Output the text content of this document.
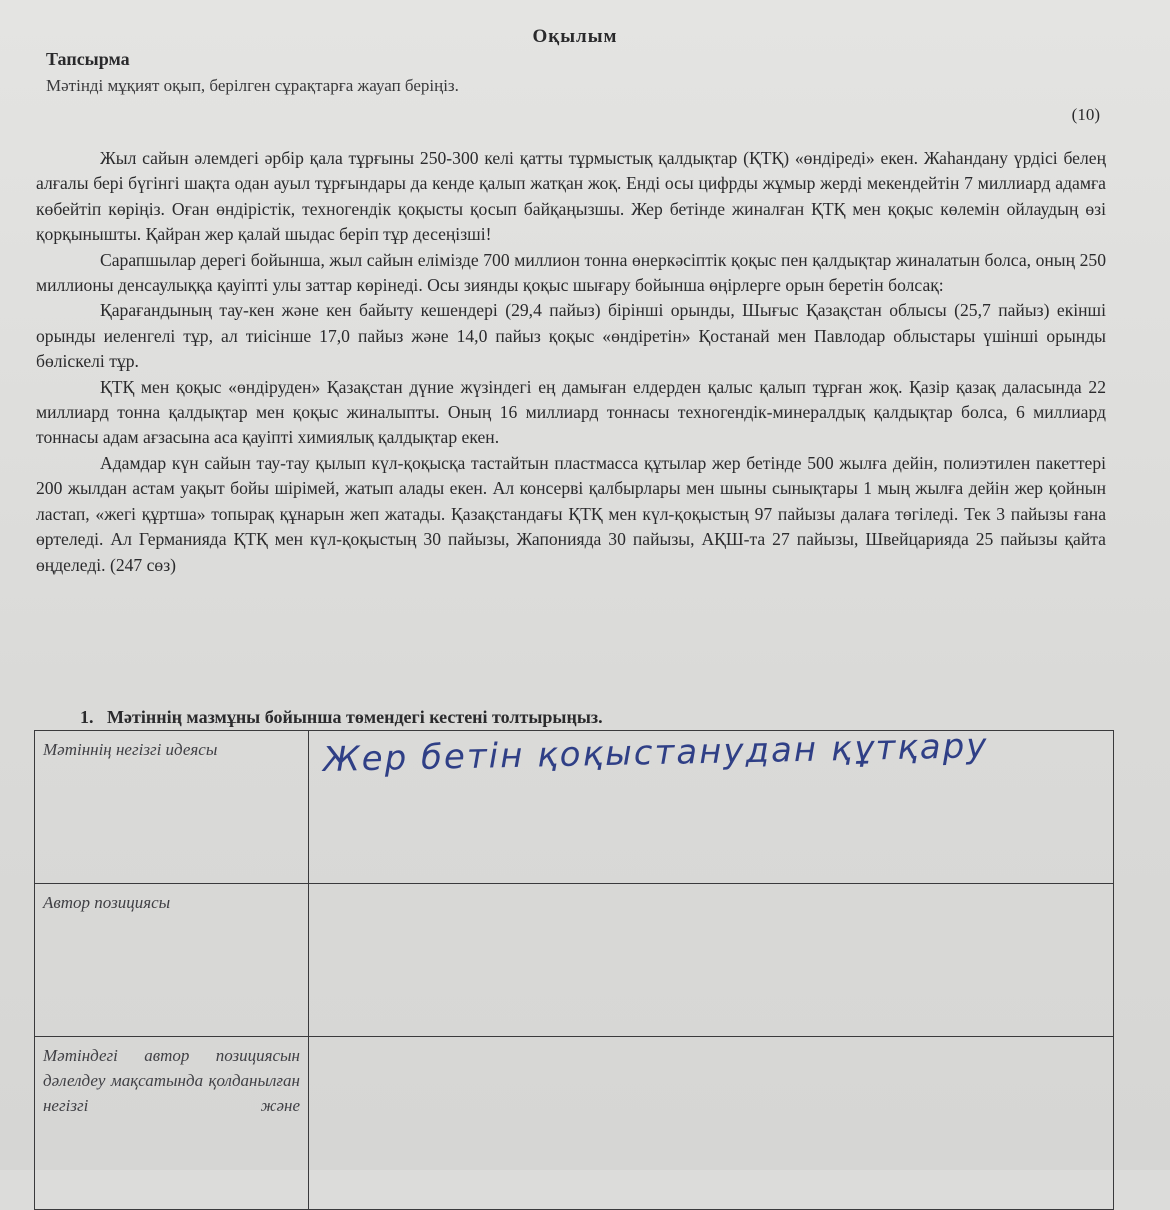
Оқылым
Тапсырма
Мәтінді мұқият оқып, берілген сұрақтарға жауап беріңіз.
(10)

Жыл сайын әлемдегі әрбір қала тұрғыны 250-300 келі қатты тұрмыстық қалдықтар (ҚТҚ) «өндіреді» екен. Жаһандану үрдісі белең алғалы бері бүгінгі шақта одан ауыл тұрғындары да кенде қалып жатқан жоқ. Енді осы цифрды жұмыр жерді мекендейтін 7 миллиард адамға көбейтіп көріңіз. Оған өндірістік, техногендік қоқысты қосып байқаңызшы. Жер бетінде жиналған ҚТҚ мен қоқыс көлемін ойлаудың өзі қорқынышты. Қайран жер қалай шыдас беріп тұр десеңізші!

Сарапшылар дерегі бойынша, жыл сайын елімізде 700 миллион тонна өнеркәсіптік қоқыс пен қалдықтар жиналатын болса, оның 250 миллионы денсаулыққа қауіпті улы заттар көрінеді. Осы зиянды қоқыс шығару бойынша өңірлерге орын беретін болсақ:

Қарағандының тау-кен және кен байыту кешендері (29,4 пайыз) бірінші орынды, Шығыс Қазақстан облысы (25,7 пайыз) екінші орынды иеленгелі тұр, ал тиісінше 17,0 пайыз және 14,0 пайыз қоқыс «өндіретін» Қостанай мен Павлодар облыстары үшінші орынды бөліскелі тұр.

ҚТҚ мен қоқыс «өндіруден» Қазақстан дүние жүзіндегі ең дамыған елдерден қалыс қалып тұрған жоқ. Қазір қазақ даласында 22 миллиард тонна қалдықтар мен қоқыс жиналыпты. Оның 16 миллиард тоннасы техногендік-минералдық қалдықтар болса, 6 миллиард тоннасы адам ағзасына аса қауіпті химиялық қалдықтар екен.

Адамдар күн сайын тау-тау қылып күл-қоқысқа тастайтын пластмасса құтылар жер бетінде 500 жылға дейін, полиэтилен пакеттері 200 жылдан астам уақыт бойы шірімей, жатып алады екен. Ал консерві қалбырлары мен шыны сынықтары 1 мың жылға дейін жер қойнын ластап, «жегі құртша» топырақ құнарын жеп жатады. Қазақстандағы ҚТҚ мен күл-қоқыстың 97 пайызы далаға төгіледі. Тек 3 пайызы ғана өртеледі. Ал Германияда ҚТҚ мен күл-қоқыстың 30 пайызы, Жапонияда 30 пайызы, АҚШ-та 27 пайызы, Швейцарияда 25 пайызы қайта өңделеді. (247 сөз)

1.   Мәтіннің мазмұны бойынша төмендегі кестені толтырыңыз.
Мәтіннің негізгі идеясы	Жер бетін қоқыстанудан құтқару

Автор позициясы	

Мәтіндегі автор позициясын дәлелдеу мақсатында қолданылған негізгі және	
